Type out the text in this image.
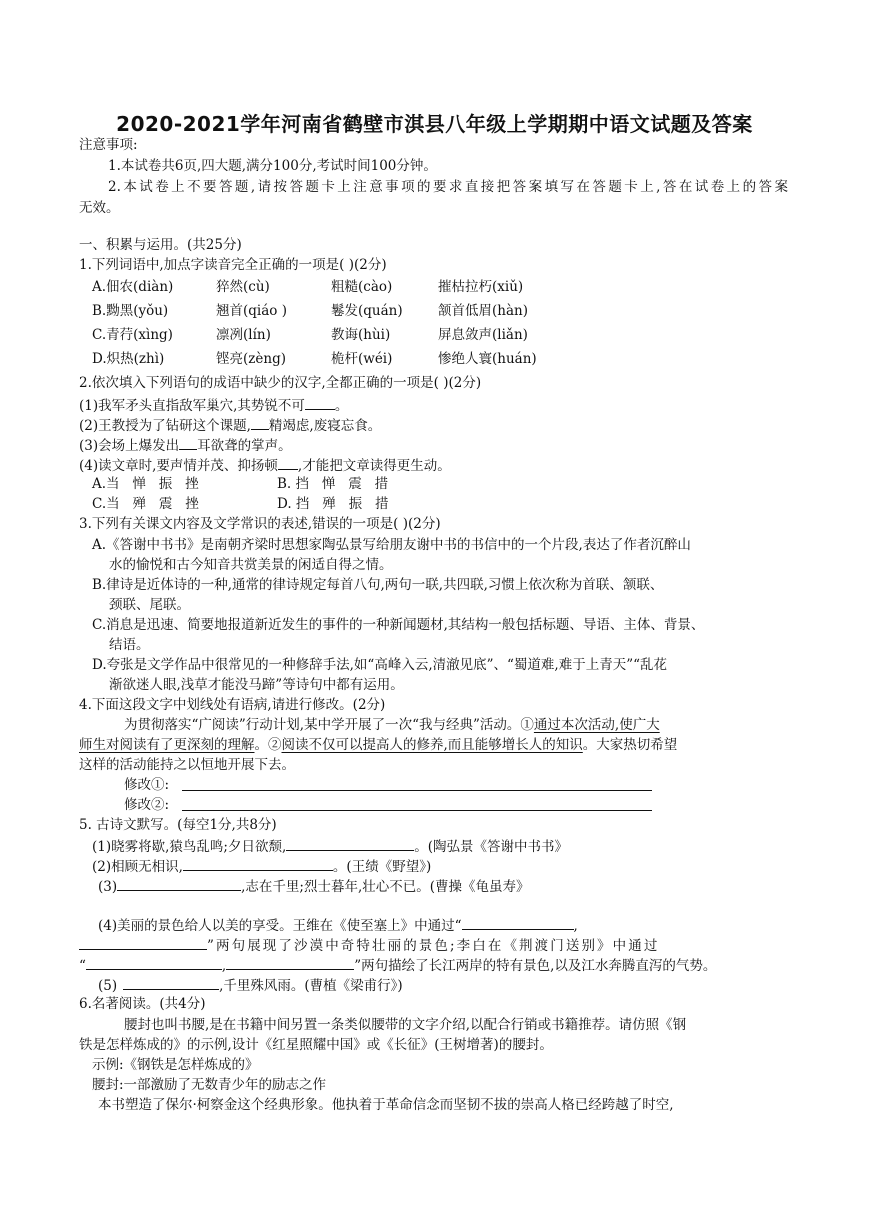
2020-2021学年河南省鹤壁市淇县八年级上学期期中语文试题及答案
注意事项:
1.本试卷共6页,四大题,满分100分,考试时间100分钟。
2.本试卷上不要答题,请按答题卡上注意事项的要求直接把答案填写在答题卡上,答在试卷上的答案
无效。
一、积累与运用。(共25分)
1.下列词语中,加点字读音完全正确的一项是( )(2分)
A.佃农(diàn)	猝然(cù)	粗糙(cào)	摧枯拉朽(xiǔ)
B.黝黑(yǒu)	翘首(qiáo )	鬈发(quán)	颔首低眉(hàn)
C.青荇(xìng)	凛冽(lín)	教诲(hùi)	屏息敛声(liǎn)
D.炽热(zhì)	铿亮(zèng)	桅杆(wéi)	惨绝人寰(huán)
2.依次填入下列语句的成语中缺少的汉字,全都正确的一项是( )(2分)
(1)我军矛头直指敌军巢穴,其势锐不可 。
(2)王教授为了钻研这个课题, 精竭虑,废寝忘食。
(3)会场上爆发出 耳欲聋的掌声。
(4)读文章时,要声情并茂、抑扬顿 ,才能把文章读得更生动。
A.当   惮   振   挫	B. 挡   惮   震   措
C.当   殚   震   挫	D. 挡   殚   振   措
3.下列有关课文内容及文学常识的表述,错误的一项是( )(2分)
A.《答谢中书书》是南朝齐梁时思想家陶弘景写给朋友谢中书的书信中的一个片段,表达了作者沉醉山
水的愉悦和古今知音共赏美景的闲适自得之情。
B.律诗是近体诗的一种,通常的律诗规定每首八句,两句一联,共四联,习惯上依次称为首联、颔联、
颈联、尾联。
C.消息是迅速、简要地报道新近发生的事件的一种新闻题材,其结构一般包括标题、导语、主体、背景、
结语。
D.夸张是文学作品中很常见的一种修辞手法,如“高峰入云,清澈见底”、“蜀道难,难于上青天”“乱花
渐欲迷人眼,浅草才能没马蹄”等诗句中都有运用。
4.下面这段文字中划线处有语病,请进行修改。(2分)
为贯彻落实“广阅读”行动计划,某中学开展了一次“我与经典”活动。①通过本次活动,使广大
师生对阅读有了更深刻的理解。②阅读不仅可以提高人的修养,而且能够增长人的知识。大家热切希望
这样的活动能持之以恒地开展下去。
修改①:
修改②:
5. 古诗文默写。(每空1分,共8分)
(1)晓雾将歇,猿鸟乱鸣;夕日欲颓,	。(陶弘景《答谢中书书》
(2)相顾无相识,	。(王绩《野望》)
(3)	,志在千里;烈士暮年,壮心不已。(曹操《龟虽寿》
(4)美丽的景色给人以美的享受。王维在《使至塞上》中通过“	,
”两句展现了沙漠中奇特壮丽的景色;李白在《荆渡门送别》中通过
“	,	”两句描绘了长江两岸的特有景色,以及江水奔腾直泻的气势。
(5)	,千里殊风雨。(曹植《梁甫行》)
6.名著阅读。(共4分)
腰封也叫书腰,是在书籍中间另置一条类似腰带的文字介绍,以配合行销或书籍推荐。请仿照《钢
铁是怎样炼成的》的示例,设计《红星照耀中国》或《长征》(王树增著)的腰封。
示例:《钢铁是怎样炼成的》
腰封:一部激励了无数青少年的励志之作
本书塑造了保尔·柯察金这个经典形象。他执着于革命信念而坚韧不拔的崇高人格已经跨越了时空,
